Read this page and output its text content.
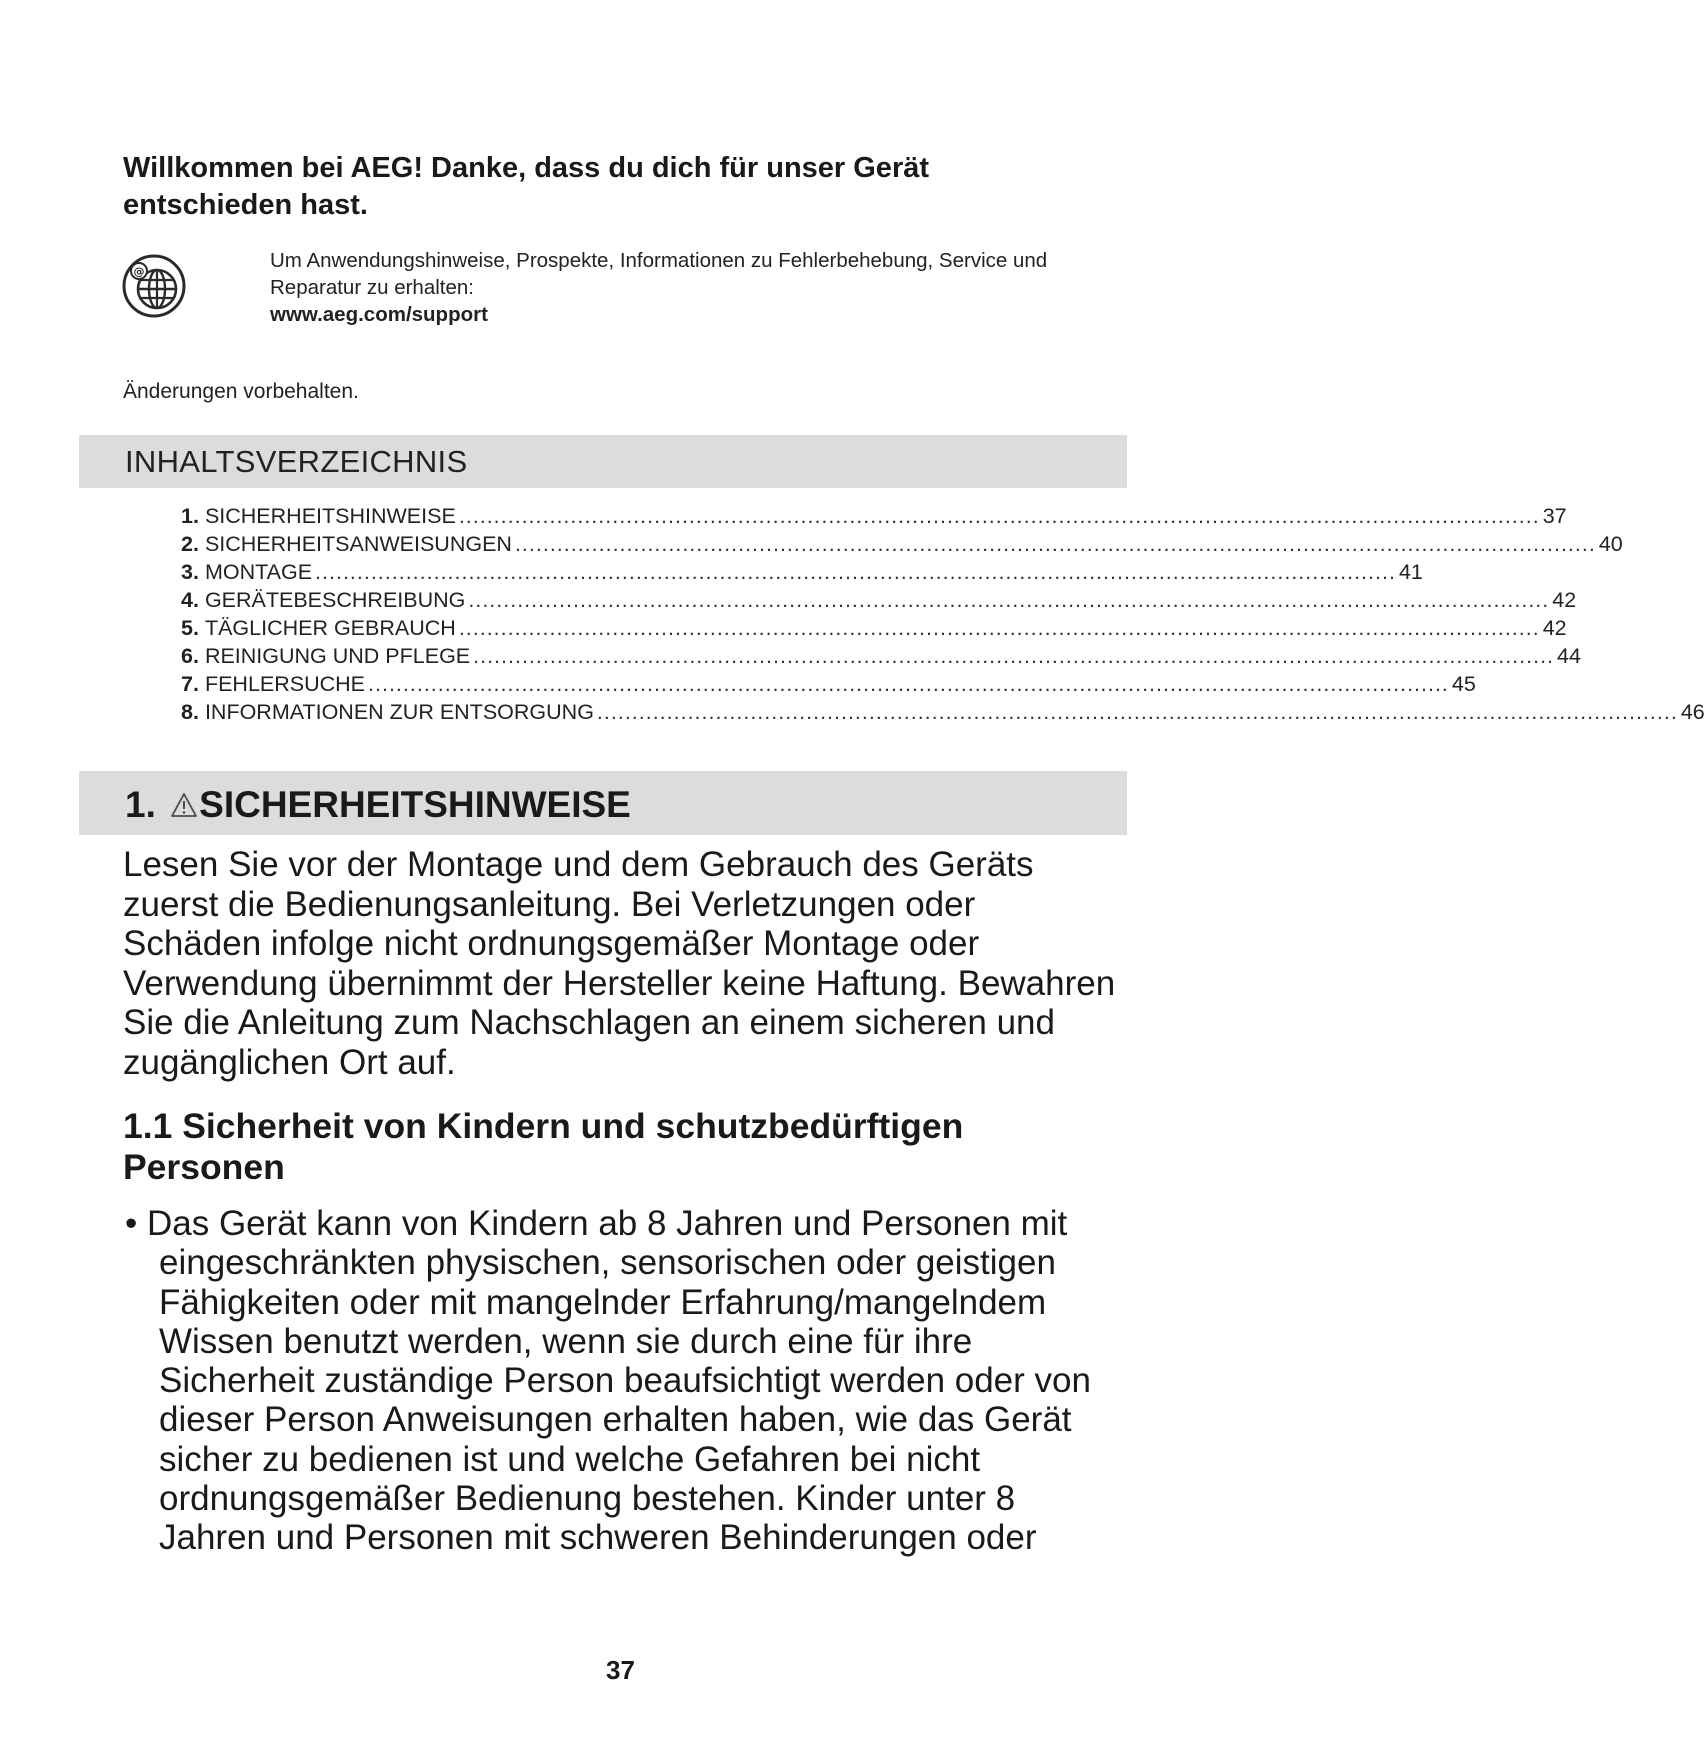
Willkommen bei AEG! Danke, dass du dich für unser Gerät entschieden hast.
@	Um Anwendungshinweise, Prospekte, Informationen zu Fehlerbehebung, Service und Reparatur zu erhalten:
www.aeg.com/support
Änderungen vorbehalten.
INHALTSVERZEICHNIS
1. SICHERHEITSHINWEISE ........................................................................................................................................................... 37
2. SICHERHEITSANWEISUNGEN ........................................................................................................................................................... 40
3. MONTAGE ........................................................................................................................................................... 41
4. GERÄTEBESCHREIBUNG ........................................................................................................................................................... 42
5. TÄGLICHER GEBRAUCH ........................................................................................................................................................... 42
6. REINIGUNG UND PFLEGE ........................................................................................................................................................... 44
7. FEHLERSUCHE ........................................................................................................................................................... 45
8. INFORMATIONEN ZUR ENTSORGUNG ........................................................................................................................................................... 46
1. SICHERHEITSHINWEISE
Lesen Sie vor der Montage und dem Gebrauch des Geräts zuerst die Bedienungsanleitung. Bei Verletzungen oder Schäden infolge nicht ordnungsgemäßer Montage oder Verwendung übernimmt der Hersteller keine Haftung. Bewahren Sie die Anleitung zum Nachschlagen an einem sicheren und zugänglichen Ort auf.
1.1 Sicherheit von Kindern und schutzbedürftigen Personen
• Das Gerät kann von Kindern ab 8 Jahren und Personen mit eingeschränkten physischen, sensorischen oder geistigen Fähigkeiten oder mit mangelnder Erfahrung/mangelndem Wissen benutzt werden, wenn sie durch eine für ihre Sicherheit zuständige Person beaufsichtigt werden oder von dieser Person Anweisungen erhalten haben, wie das Gerät sicher zu bedienen ist und welche Gefahren bei nicht ordnungsgemäßer Bedienung bestehen. Kinder unter 8 Jahren und Personen mit schweren Behinderungen oder
37
